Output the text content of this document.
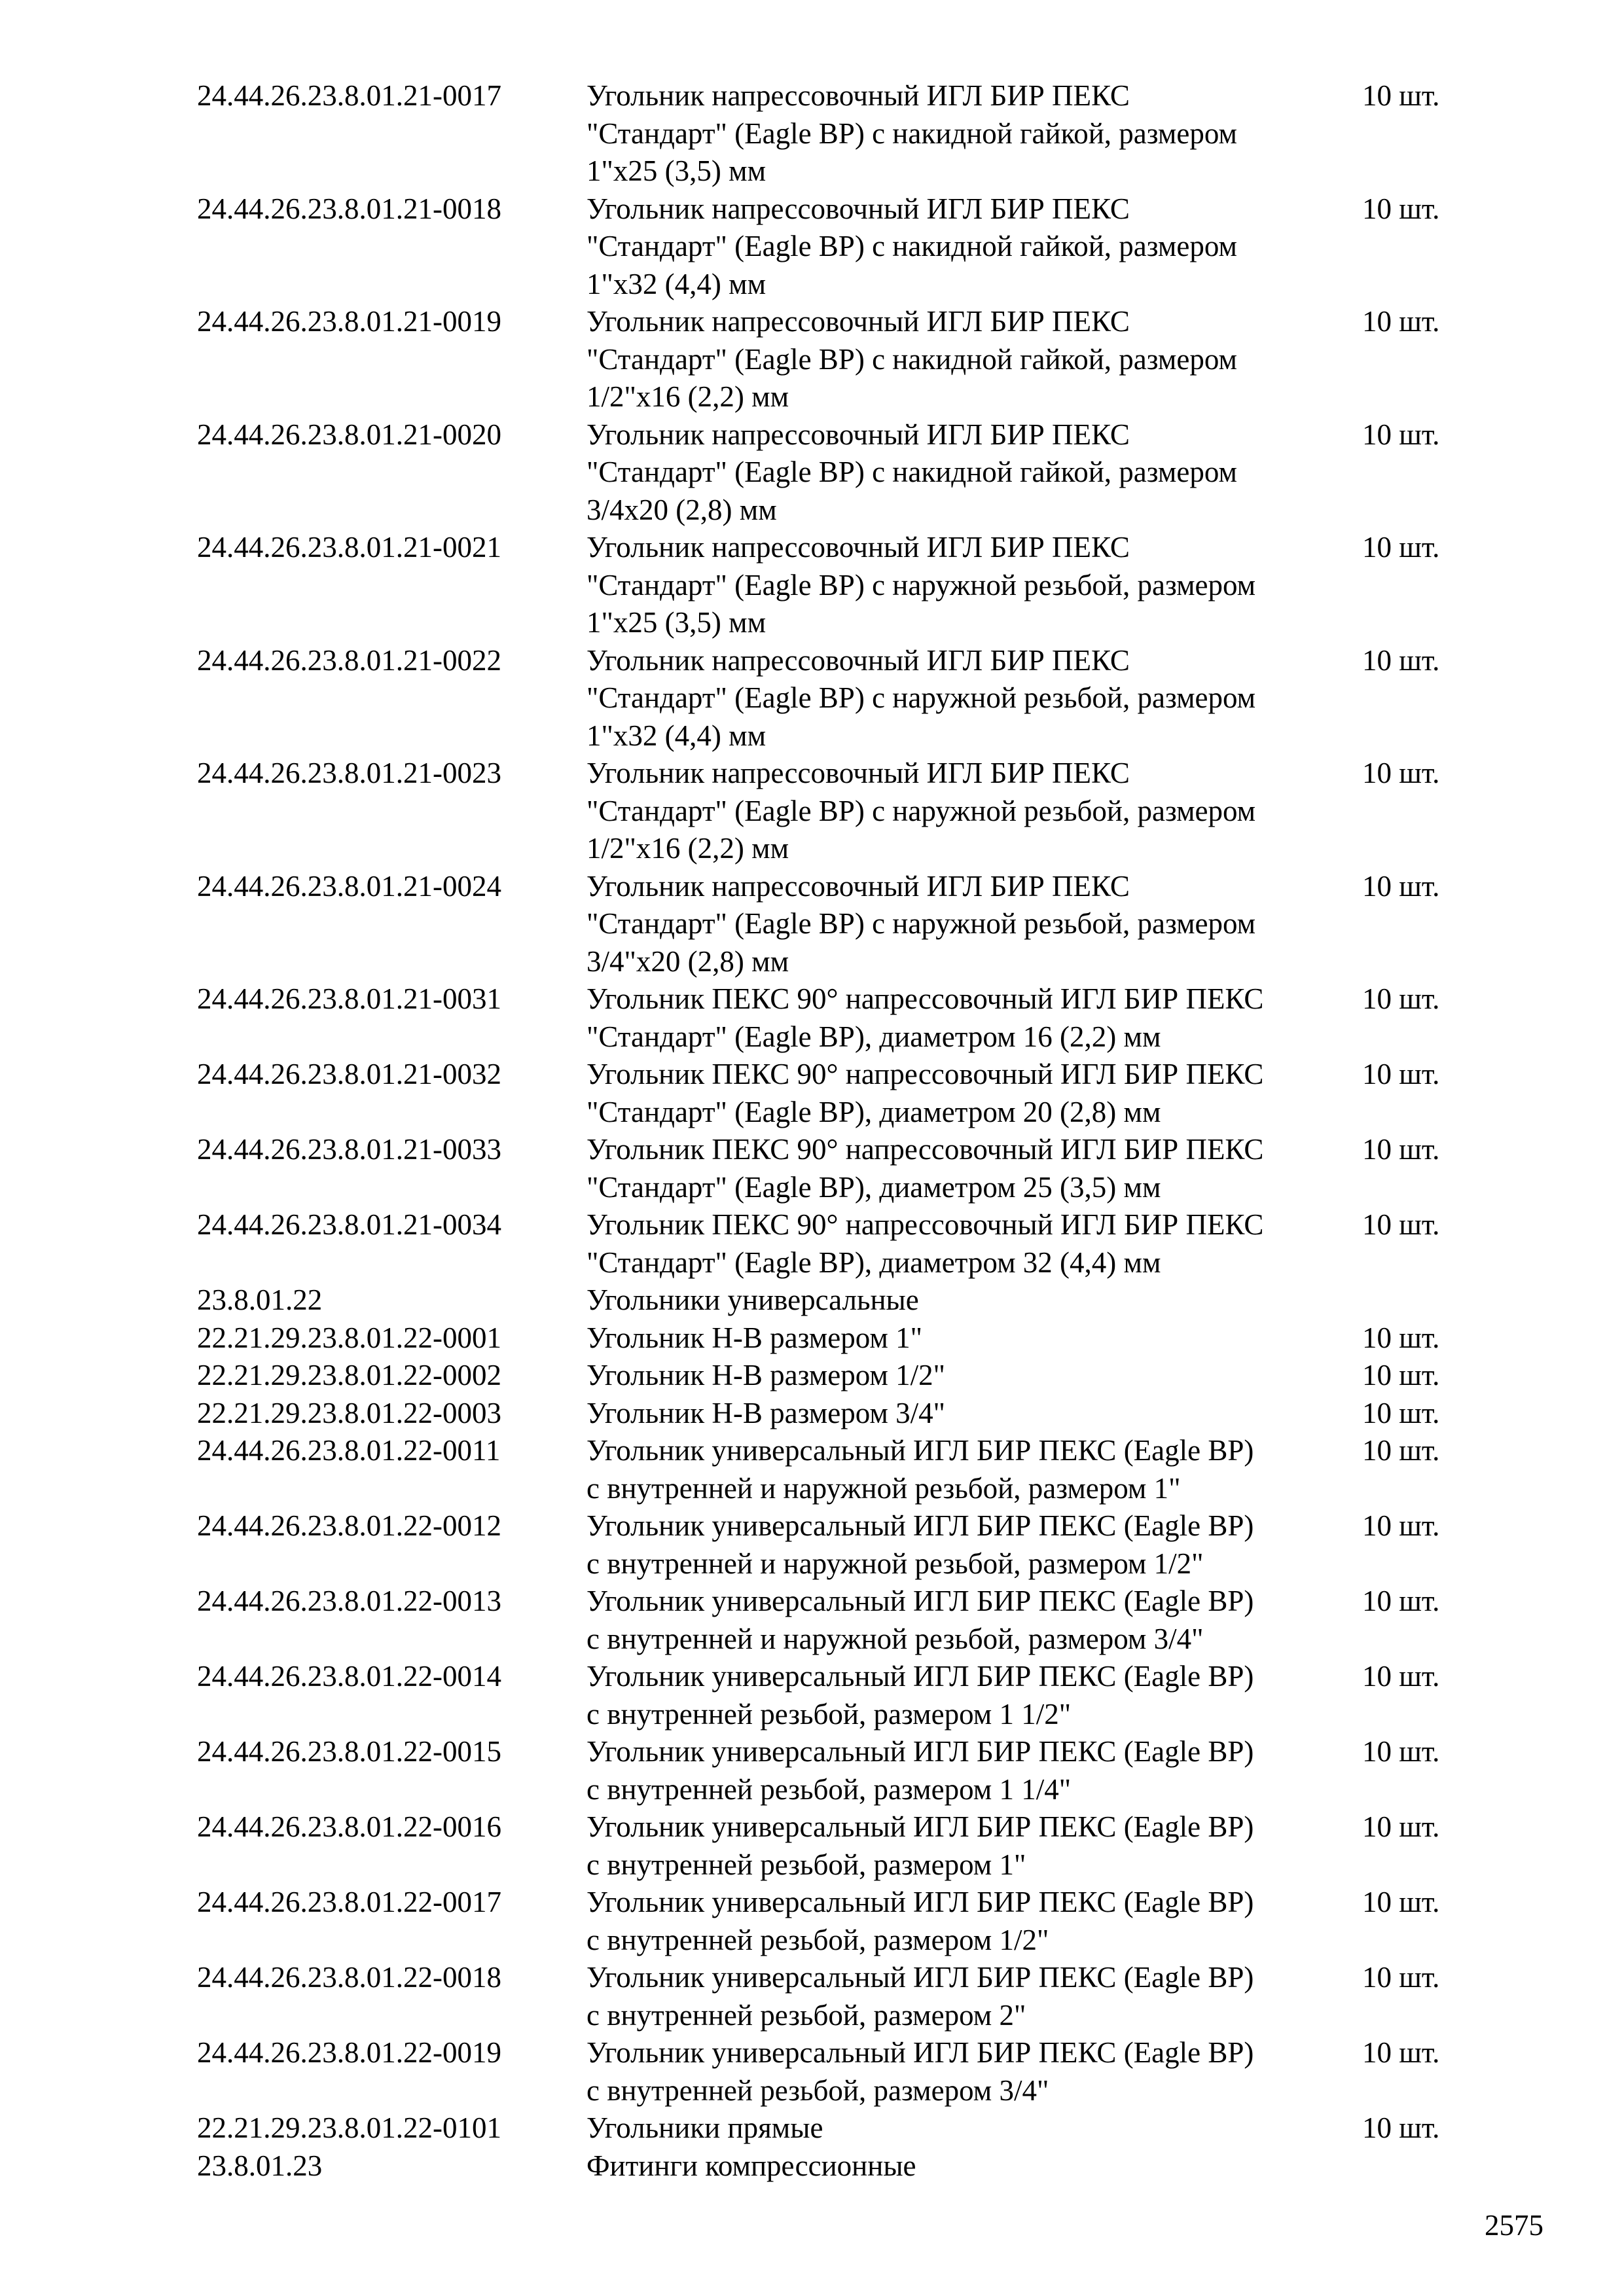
24.44.26.23.8.01.21-0017	Угольник напрессовочный ИГЛ БИР ПЕКС
"Стандарт" (Eagle BP) с накидной гайкой, размером
1"х25 (3,5) мм
10 шт.
24.44.26.23.8.01.21-0018	Угольник напрессовочный ИГЛ БИР ПЕКС
"Стандарт" (Eagle BP) с накидной гайкой, размером
1"х32 (4,4) мм
10 шт.
24.44.26.23.8.01.21-0019	Угольник напрессовочный ИГЛ БИР ПЕКС
"Стандарт" (Eagle BP) с накидной гайкой, размером
1/2"х16 (2,2) мм
10 шт.
24.44.26.23.8.01.21-0020	Угольник напрессовочный ИГЛ БИР ПЕКС
"Стандарт" (Eagle BP) с накидной гайкой, размером
3/4х20 (2,8) мм
10 шт.
24.44.26.23.8.01.21-0021	Угольник напрессовочный ИГЛ БИР ПЕКС
"Стандарт" (Eagle BP) с наружной резьбой, размером
1"х25 (3,5) мм
10 шт.
24.44.26.23.8.01.21-0022	Угольник напрессовочный ИГЛ БИР ПЕКС
"Стандарт" (Eagle BP) с наружной резьбой, размером
1"х32 (4,4) мм
10 шт.
24.44.26.23.8.01.21-0023	Угольник напрессовочный ИГЛ БИР ПЕКС
"Стандарт" (Eagle BP) с наружной резьбой, размером
1/2"х16 (2,2) мм
10 шт.
24.44.26.23.8.01.21-0024	Угольник напрессовочный ИГЛ БИР ПЕКС
"Стандарт" (Eagle BP) с наружной резьбой, размером
3/4"х20 (2,8) мм
10 шт.
24.44.26.23.8.01.21-0031	Угольник ПЕКС 90° напрессовочный ИГЛ БИР ПЕКС
"Стандарт" (Eagle BP), диаметром 16 (2,2) мм
10 шт.
24.44.26.23.8.01.21-0032	Угольник ПЕКС 90° напрессовочный ИГЛ БИР ПЕКС
"Стандарт" (Eagle BP), диаметром 20 (2,8) мм
10 шт.
24.44.26.23.8.01.21-0033	Угольник ПЕКС 90° напрессовочный ИГЛ БИР ПЕКС
"Стандарт" (Eagle BP), диаметром 25 (3,5) мм
10 шт.
24.44.26.23.8.01.21-0034	Угольник ПЕКС 90° напрессовочный ИГЛ БИР ПЕКС
"Стандарт" (Eagle BP), диаметром 32 (4,4) мм
10 шт.
23.8.01.22	Угольники универсальные
22.21.29.23.8.01.22-0001	Угольник Н-В размером 1"	10 шт.
22.21.29.23.8.01.22-0002	Угольник Н-В размером 1/2"	10 шт.
22.21.29.23.8.01.22-0003	Угольник Н-В размером 3/4"	10 шт.
24.44.26.23.8.01.22-0011	Угольник универсальный ИГЛ БИР ПЕКС (Eagle BP)
с внутренней и наружной резьбой, размером 1"
10 шт.
24.44.26.23.8.01.22-0012	Угольник универсальный ИГЛ БИР ПЕКС (Eagle BP)
с внутренней и наружной резьбой, размером 1/2"
10 шт.
24.44.26.23.8.01.22-0013	Угольник универсальный ИГЛ БИР ПЕКС (Eagle BP)
с внутренней и наружной резьбой, размером 3/4"
10 шт.
24.44.26.23.8.01.22-0014	Угольник универсальный ИГЛ БИР ПЕКС (Eagle BP)
с внутренней резьбой, размером 1 1/2"
10 шт.
24.44.26.23.8.01.22-0015	Угольник универсальный ИГЛ БИР ПЕКС (Eagle BP)
с внутренней резьбой, размером 1 1/4"
10 шт.
24.44.26.23.8.01.22-0016	Угольник универсальный ИГЛ БИР ПЕКС (Eagle BP)
с внутренней резьбой, размером 1"
10 шт.
24.44.26.23.8.01.22-0017	Угольник универсальный ИГЛ БИР ПЕКС (Eagle BP)
с внутренней резьбой, размером 1/2"
10 шт.
24.44.26.23.8.01.22-0018	Угольник универсальный ИГЛ БИР ПЕКС (Eagle BP)
с внутренней резьбой, размером 2"
10 шт.
24.44.26.23.8.01.22-0019	Угольник универсальный ИГЛ БИР ПЕКС (Eagle BP)
с внутренней резьбой, размером 3/4"
10 шт.
22.21.29.23.8.01.22-0101	Угольники прямые	10 шт.
23.8.01.23	Фитинги компрессионные
2575
